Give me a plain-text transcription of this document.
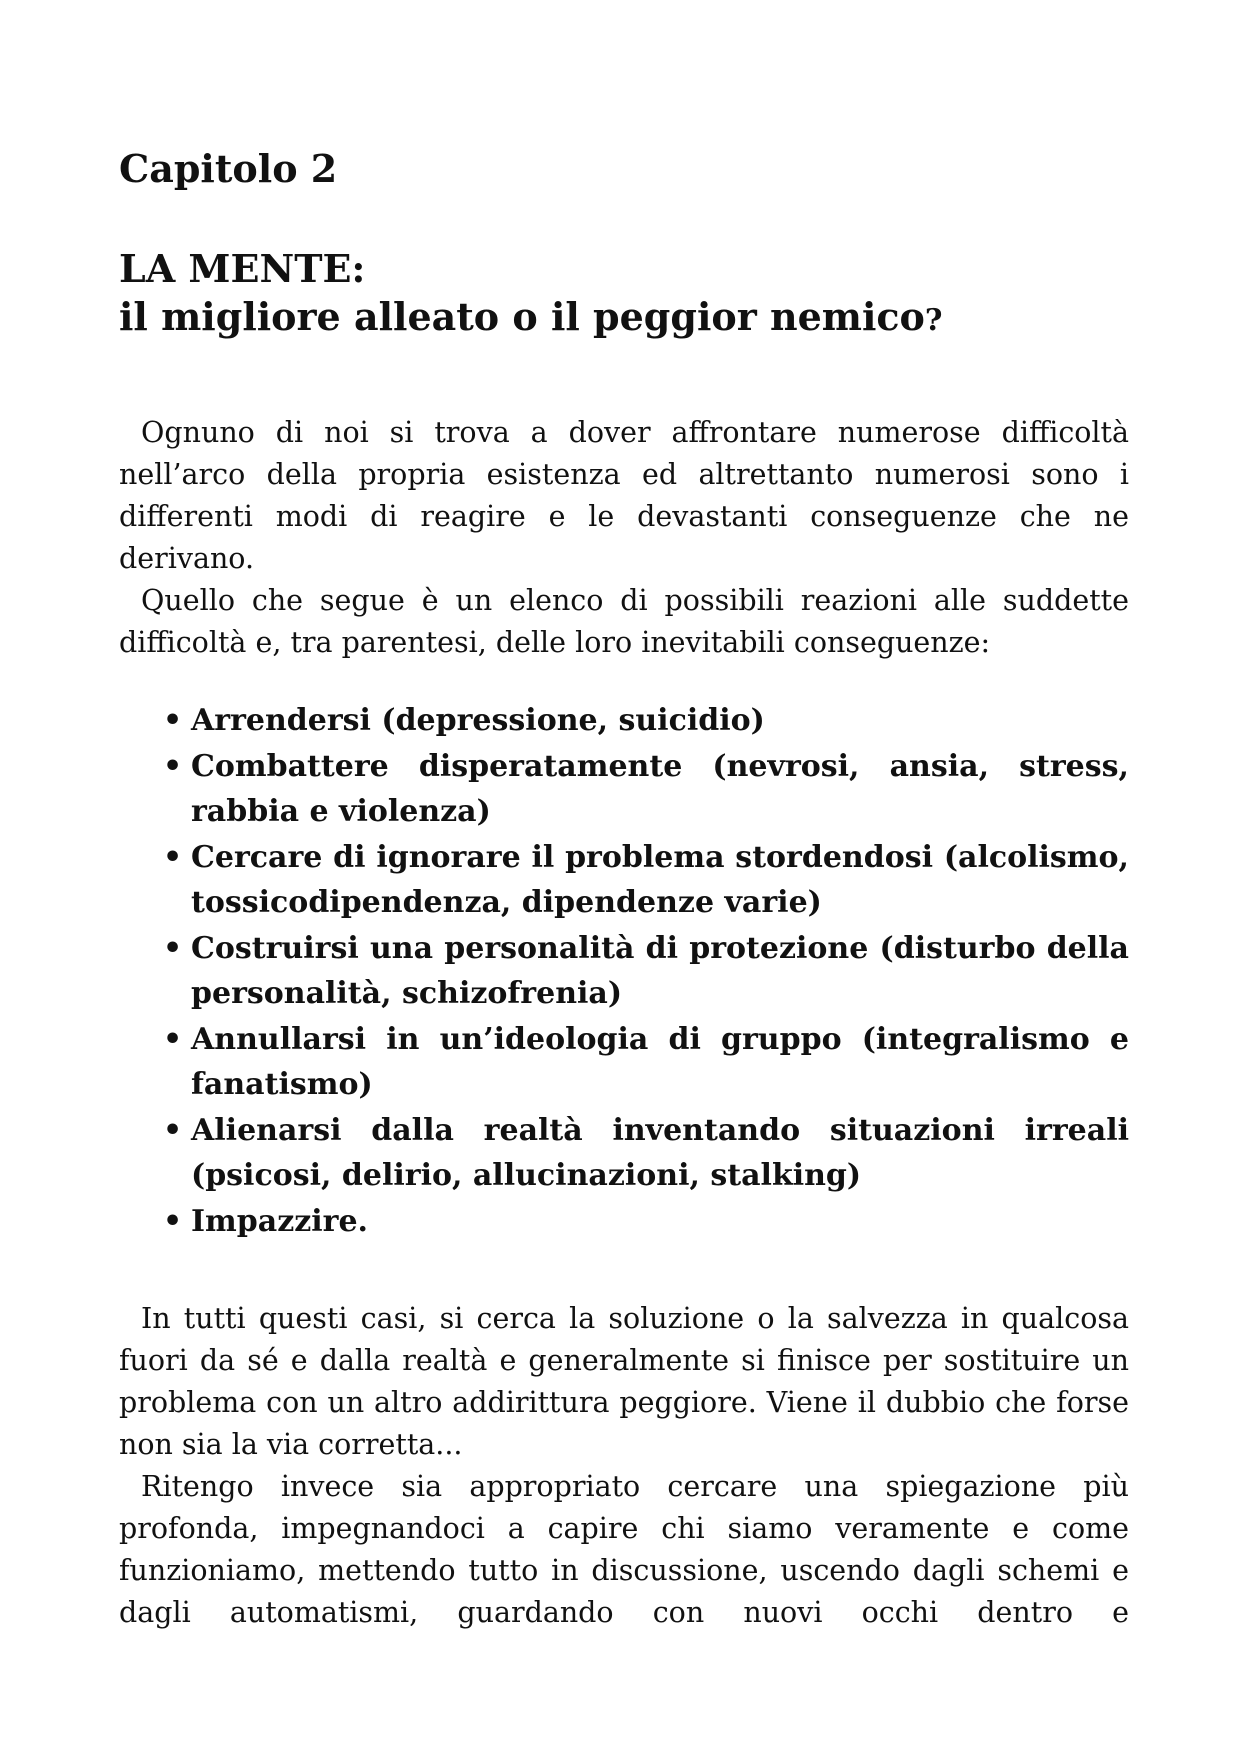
Capitolo 2
LA MENTE:
il migliore alleato o il peggior nemico?

Ognuno di noi si trova a dover affrontare numerose difficoltà nell’arco della propria esistenza ed altrettanto numerosi sono i differenti modi di reagire e le devastanti conseguenze che ne derivano.

Quello che segue è un elenco di possibili reazioni alle suddette difficoltà e, tra parentesi, delle loro inevitabili conseguenze:

• Arrendersi (depressione, suicidio)
• Combattere disperatamente (nevrosi, ansia, stress, rabbia e violenza)
• Cercare di ignorare il problema stordendosi (alcolismo, tossicodipendenza, dipendenze varie)
• Costruirsi una personalità di protezione (disturbo della personalità, schizofrenia)
• Annullarsi in un’ideologia di gruppo (integralismo e fanatismo)
• Alienarsi dalla realtà inventando situazioni irreali (psicosi, delirio, allucinazioni, stalking)
• Impazzire.

In tutti questi casi, si cerca la soluzione o la salvezza in qualcosa fuori da sé e dalla realtà e generalmente si finisce per sostituire un problema con un altro addirittura peggiore. Viene il dubbio che forse non sia la via corretta...

Ritengo invece sia appropriato cercare una spiegazione più profonda, impegnandoci a capire chi siamo veramente e come funzioniamo, mettendo tutto in discussione, uscendo dagli schemi e dagli automatismi, guardando con nuovi occhi dentro e
